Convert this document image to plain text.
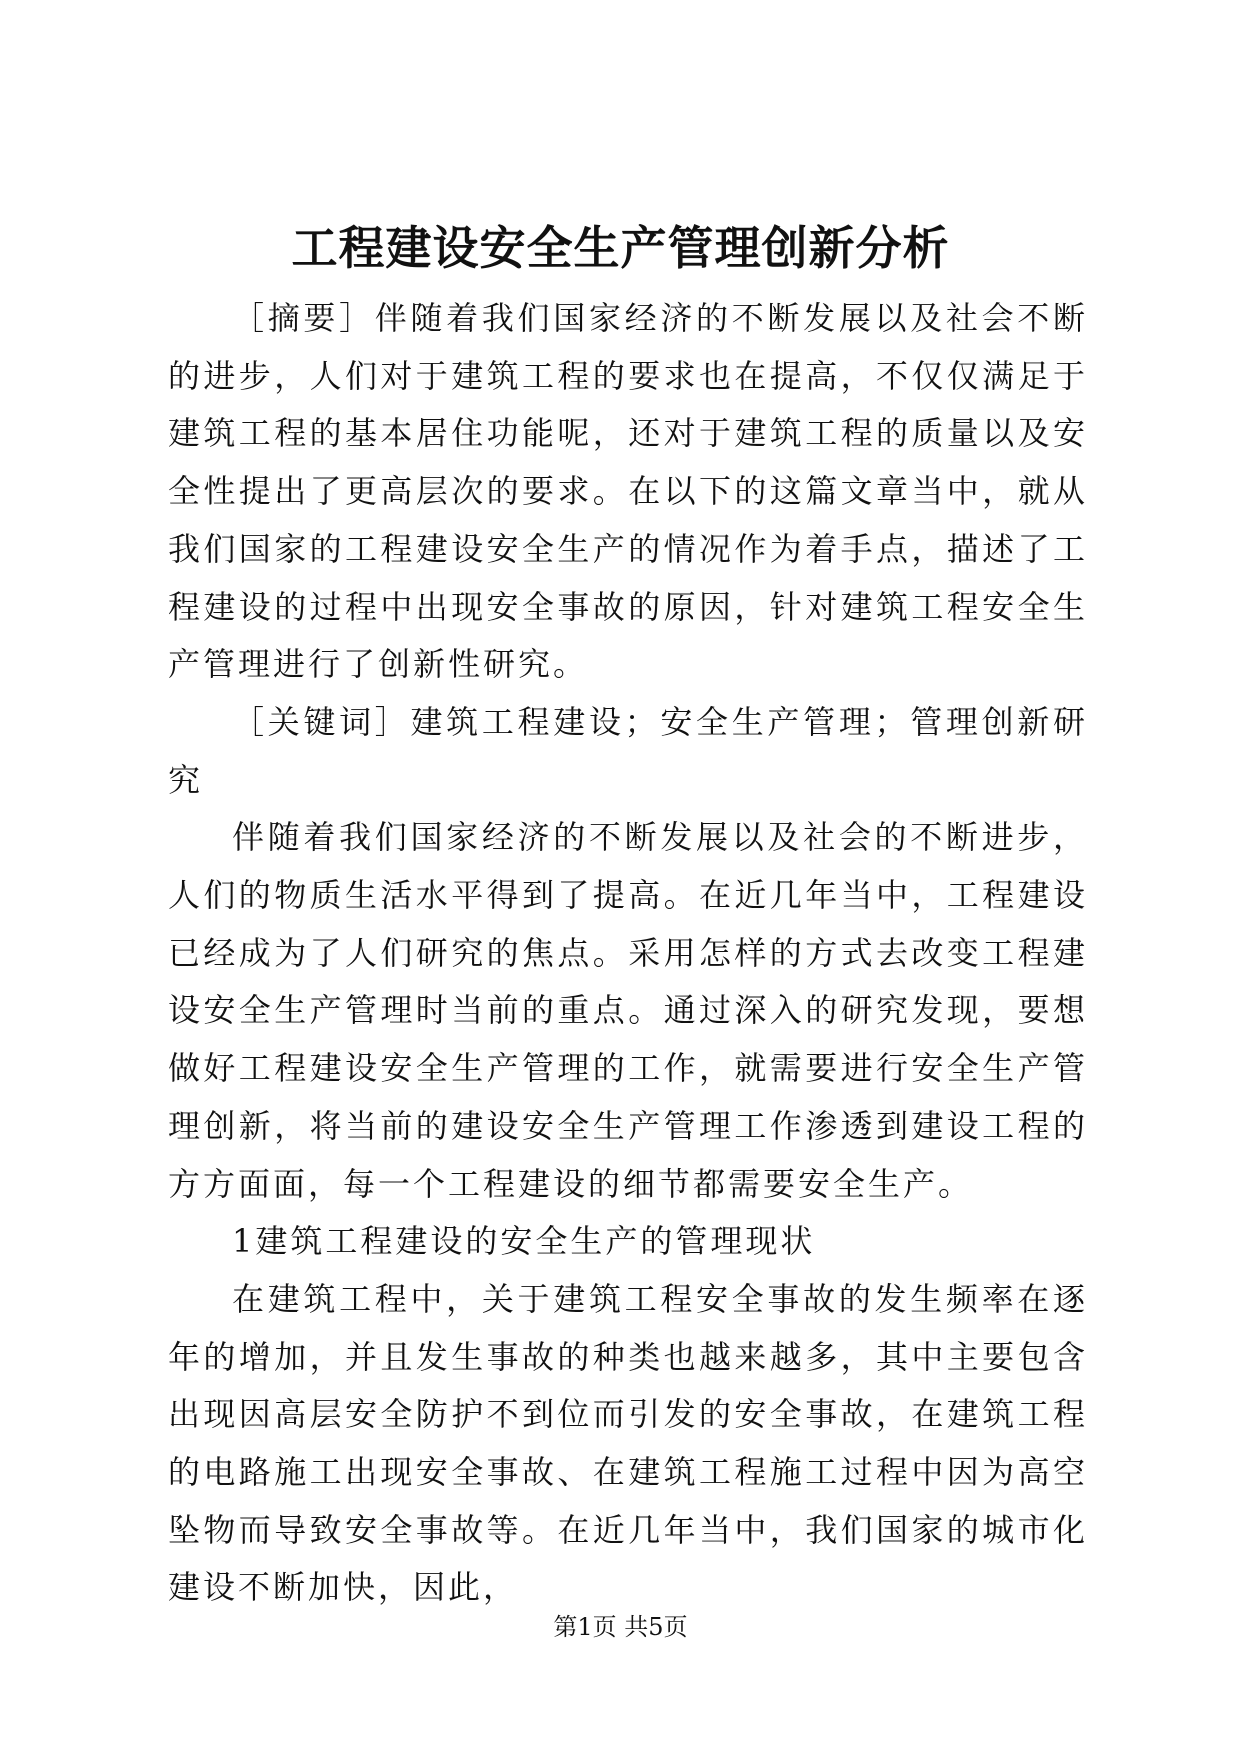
工程建设安全生产管理创新分析

［摘要］伴随着我们国家经济的不断发展以及社会不断的进步，人们对于建筑工程的要求也在提高，不仅仅满足于建筑工程的基本居住功能呢，还对于建筑工程的质量以及安全性提出了更高层次的要求。在以下的这篇文章当中，就从我们国家的工程建设安全生产的情况作为着手点，描述了工程建设的过程中出现安全事故的原因，针对建筑工程安全生产管理进行了创新性研究。

［关键词］建筑工程建设；安全生产管理；管理创新研究

伴随着我们国家经济的不断发展以及社会的不断进步，人们的物质生活水平得到了提高。在近几年当中，工程建设已经成为了人们研究的焦点。采用怎样的方式去改变工程建设安全生产管理时当前的重点。通过深入的研究发现，要想做好工程建设安全生产管理的工作，就需要进行安全生产管理创新，将当前的建设安全生产管理工作渗透到建设工程的方方面面，每一个工程建设的细节都需要安全生产。

1建筑工程建设的安全生产的管理现状

在建筑工程中，关于建筑工程安全事故的发生频率在逐年的增加，并且发生事故的种类也越来越多，其中主要包含出现因高层安全防护不到位而引发的安全事故，在建筑工程的电路施工出现安全事故、在建筑工程施工过程中因为高空坠物而导致安全事故等。在近几年当中，我们国家的城市化建设不断加快，因此，

第1页 共5页
